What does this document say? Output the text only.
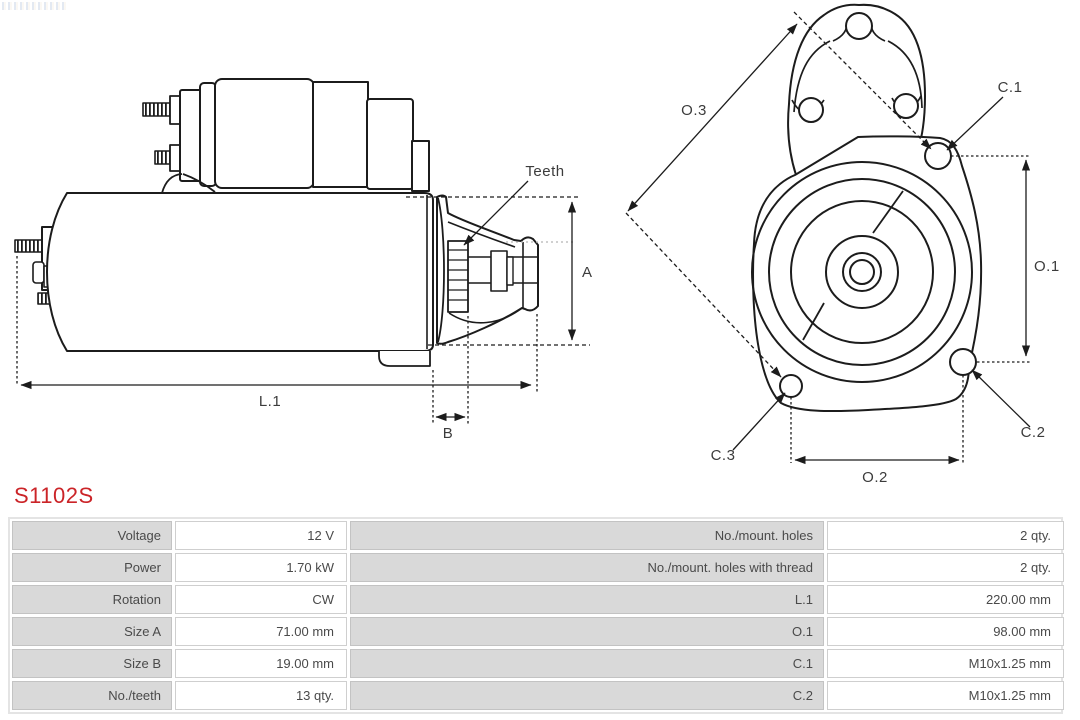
Teeth
A
L.1
B
O.3
C.1
O.1
C.2
C.3
O.2
S1102S
Voltage	12 V	No./mount. holes	2 qty.
Power	1.70 kW	No./mount. holes with thread	2 qty.
Rotation	CW	L.1	220.00 mm
Size A	71.00 mm	O.1	98.00 mm
Size B	19.00 mm	C.1	M10x1.25 mm
No./teeth	13 qty.	C.2	M10x1.25 mm
